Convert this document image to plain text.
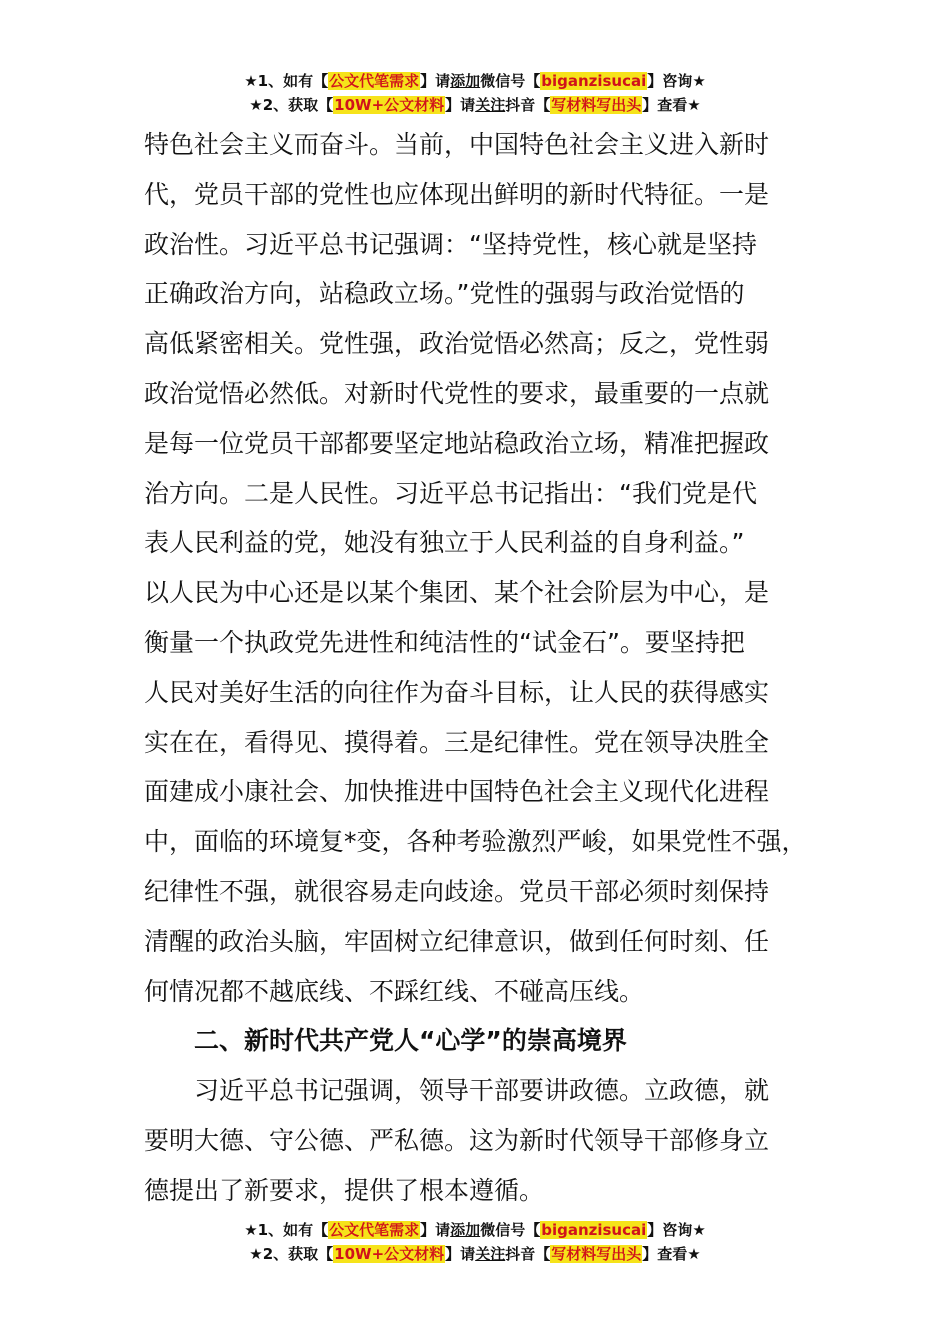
★1、如有【公文代笔需求】请添加微信号【biganzisucai】咨询★
★2、获取【10W+公文材料】请关注抖音【写材料写出头】查看★

特色社会主义而奋斗。当前，中国特色社会主义进入新时

代，党员干部的党性也应体现出鲜明的新时代特征。一是

政治性。习近平总书记强调：“坚持党性，核心就是坚持

正确政治方向，站稳政立场。”党性的强弱与政治觉悟的

高低紧密相关。党性强，政治觉悟必然高；反之，党性弱

政治觉悟必然低。对新时代党性的要求，最重要的一点就

是每一位党员干部都要坚定地站稳政治立场，精准把握政

治方向。二是人民性。习近平总书记指出：“我们党是代

表人民利益的党，她没有独立于人民利益的自身利益。”

以人民为中心还是以某个集团、某个社会阶层为中心，是

衡量一个执政党先进性和纯洁性的“试金石”。要坚持把

人民对美好生活的向往作为奋斗目标，让人民的获得感实

实在在，看得见、摸得着。三是纪律性。党在领导决胜全

面建成小康社会、加快推进中国特色社会主义现代化进程

中，面临的环境复*变，各种考验激烈严峻，如果党性不强，

纪律性不强，就很容易走向歧途。党员干部必须时刻保持

清醒的政治头脑，牢固树立纪律意识，做到任何时刻、任

何情况都不越底线、不踩红线、不碰高压线。

二、新时代共产党人“心学”的崇高境界

习近平总书记强调，领导干部要讲政德。立政德，就

要明大德、守公德、严私德。这为新时代领导干部修身立

德提出了新要求，提供了根本遵循。

★1、如有【公文代笔需求】请添加微信号【biganzisucai】咨询★
★2、获取【10W+公文材料】请关注抖音【写材料写出头】查看★
